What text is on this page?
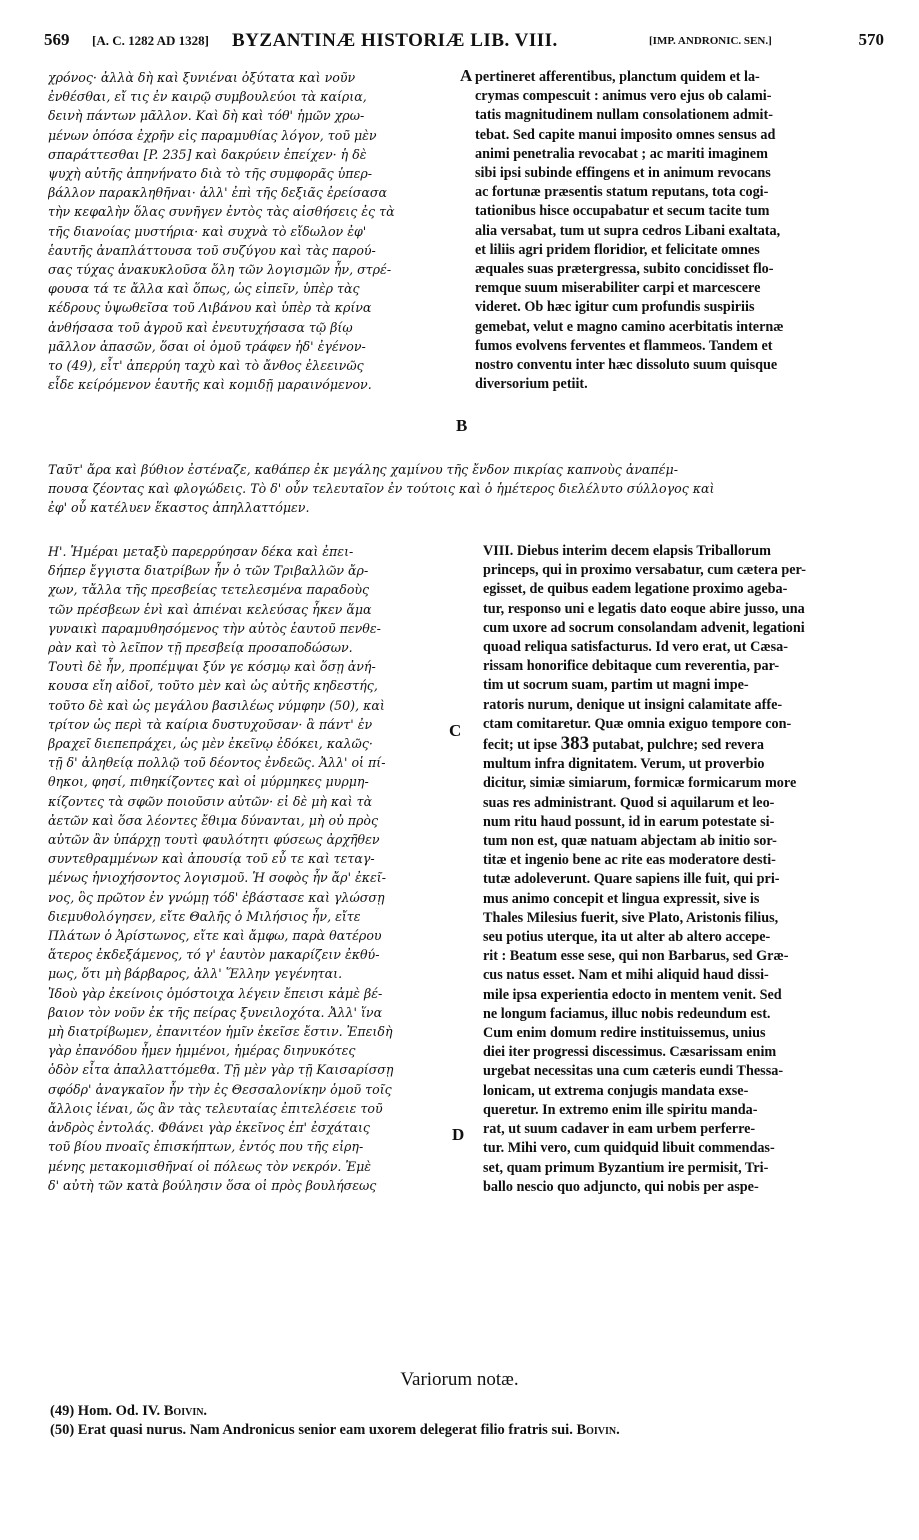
569 [A. C. 1282 AD 1328] BYZANTINÆ HISTORIÆ LIB. VIII.	[IMP. ANDRONIC. SEN.]	570
χρόνος· ἀλλὰ δὴ καὶ ξυνιέναι ὀξύτατα καὶ νοῦν
ἐνθέσθαι, εἴ τις ἐν καιρῷ συμβουλεύοι τὰ καίρια,
δεινὴ πάντων μᾶλλον. Καὶ δὴ καὶ τόθ' ἡμῶν χρω-
μένων ὁπόσα ἐχρῆν εἰς παραμυθίας λόγον, τοῦ μὲν
σπαράττεσθαι [P. 235] καὶ δακρύειν ἐπείχεν· ἡ δὲ
ψυχὴ αὐτῆς ἀπηνήνατο διὰ τὸ τῆς συμφορᾶς ὑπερ-
βάλλον παρακληθῆναι· ἀλλ' ἐπὶ τῆς δεξιᾶς ἐρείσασα
τὴν κεφαλὴν ὅλας συνῆγεν ἐντὸς τὰς αἰσθήσεις ἐς τὰ
τῆς διανοίας μυστήρια· καὶ συχνὰ τὸ εἴδωλον ἐφ'
ἑαυτῆς ἀναπλάττουσα τοῦ συζύγου καὶ τὰς παρού-
σας τύχας ἀνακυκλοῦσα ὅλη τῶν λογισμῶν ἦν, στρέ-
φουσα τά τε ἄλλα καὶ ὅπως, ὡς εἰπεῖν, ὑπὲρ τὰς
κέδρους ὑψωθεῖσα τοῦ Λιβάνου καὶ ὑπὲρ τὰ κρίνα
ἀνθήσασα τοῦ ἀγροῦ καὶ ἐνευτυχήσασα τῷ βίῳ
μᾶλλον ἁπασῶν, ὅσαι οἱ ὁμοῦ τράφεν ἠδ' ἐγένον-
το (49), εἶτ' ἀπερρύη ταχὺ καὶ τὸ ἄνθος ἐλεεινῶς
εἶδε κείρόμενον ἑαυτῆς καὶ κομιδῇ μαραινόμενον.
pertineret afferentibus, planctum quidem et la-
crymas compescuit : animus vero ejus ob calami-
tatis magnitudinem nullam consolationem admit-
tebat. Sed capite manui imposito omnes sensus ad
animi penetralia revocabat ; ac mariti imaginem
sibi ipsi subinde effingens et in animum revocans
ac fortunæ præsentis statum reputans, tota cogi-
tationibus hisce occupabatur et secum tacite tum
alia versabat, tum ut supra cedros Libani exaltata,
et liliis agri pridem floridior, et felicitate omnes
æquales suas prætergressa, subito concidisset flo-
remque suum miserabiliter carpi et marcescere
videret. Ob hæc igitur cum profundis suspiriis
gemebat, velut e magno camino acerbitatis internæ
fumos evolvens ferventes et flammeos. Tandem et
nostro conventu inter hæc dissoluto suum quisque
diversorium petiit.
A
B
Ταῦτ' ἄρα καὶ βύθιον ἐστέναζε, καθάπερ ἐκ μεγάλης χαμίνου τῆς ἔνδον πικρίας καπνοὺς ἀναπέμ-
πουσα ζέοντας καὶ φλογώδεις. Τὸ δ' οὖν τελευταῖον ἐν τούτοις καὶ ὁ ἡμέτερος διελέλυτο σύλλογος καὶ
ἐφ' οὗ κατέλυεν ἕκαστος ἀπηλλαττόμεν.
Η'. Ἡμέραι μεταξὺ παρερρύησαν δέκα καὶ ἐπει-
δήπερ ἔγγιστα διατρίβων ἦν ὁ τῶν Τριβαλλῶν ἄρ-
χων, τἄλλα τῆς πρεσβείας τετελεσμένα παραδοὺς
τῶν πρέσβεων ἑνὶ καὶ ἀπιέναι κελεύσας ἧκεν ἅμα
γυναικὶ παραμυθησόμενος τὴν αὐτὸς ἑαυτοῦ πενθε-
ρὰν καὶ τὸ λεῖπον τῇ πρεσβείᾳ προσαποδώσων.
Τουτὶ δὲ ἦν, προπέμψαι ξύν γε κόσμῳ καὶ ὅσῃ ἀνή-
κουσα εἴη αἰδοῖ, τοῦτο μὲν καὶ ὡς αὐτῆς κηδεστής,
τοῦτο δὲ καὶ ὡς μεγάλου βασιλέως νύμφην (50), καὶ
τρίτον ὡς περὶ τὰ καίρια δυστυχοῦσαν· ἃ πάντ' ἐν
βραχεῖ διεπεπράχει, ὡς μὲν ἐκεῖνῳ ἐδόκει, καλῶς·
τῇ δ' ἀληθείᾳ πολλῷ τοῦ δέοντος ἐνδεῶς. Ἀλλ' οἱ πί-
θηκοι, φησί, πιθηκίζοντες καὶ οἱ μύρμηκες μυρμη-
κίζοντες τὰ σφῶν ποιοῦσιν αὐτῶν· εἰ δὲ μὴ καὶ τὰ
ἀετῶν καὶ ὅσα λέοντες ἔθιμα δύνανται, μὴ οὐ πρὸς
αὐτῶν ἂν ὑπάρχῃ τουτὶ φαυλότητι φύσεως ἀρχῆθεν
συντεθραμμένων καὶ ἀπουσίᾳ τοῦ εὖ τε καὶ τεταγ-
μένως ἡνιοχήσοντος λογισμοῦ. Ἡ σοφὸς ἦν ἄρ' ἐκεῖ-
νος, ὃς πρῶτον ἐν γνώμῃ τόδ' ἐβάστασε καὶ γλώσσῃ
διεμυθολόγησεν, εἴτε Θαλῆς ὁ Μιλήσιος ἦν, εἴτε
Πλάτων ὁ Ἀρίστωνος, εἴτε καὶ ἄμφω, παρὰ θατέρου
ἅτερος ἐκδεξάμενος, τό γ' ἑαυτὸν μακαρίζειν ἐκθύ-
μως, ὅτι μὴ βάρβαρος, ἀλλ' Ἕλλην γεγένηται.
Ἰδοὺ γὰρ ἐκείνοις ὁμόστοιχα λέγειν ἔπεισι κἀμὲ βέ-
βαιον τὸν νοῦν ἐκ τῆς πείρας ξυνειλοχότα. Ἀλλ' ἵνα
μὴ διατρίβωμεν, ἐπανιτέον ἡμῖν ἐκεῖσε ἔστιν. Ἐπειδὴ
γὰρ ἐπανόδου ἦμεν ἡμμένοι, ἡμέρας διηνυκότες
ὁδὸν εἶτα ἀπαλλαττόμεθα. Τῇ μὲν γὰρ τῇ Καισαρίσσῃ
σφόδρ' ἀναγκαῖον ἦν τὴν ἐς Θεσσαλονίκην ὁμοῦ τοῖς
ἄλλοις ἰέναι, ὥς ἂν τὰς τελευταίας ἐπιτελέσειε τοῦ
ἀνδρὸς ἐντολάς. Φθάνει γὰρ ἐκεῖνος ἐπ' ἐσχάταις
τοῦ βίου πνοαῖς ἐπισκήπτων, ἐντός που τῆς εἰρη-
μένης μετακομισθῆναί οἱ πόλεως τὸν νεκρόν. Ἐμὲ
δ' αὐτὴ τῶν κατὰ βούλησιν ὅσα οἱ πρὸς βουλήσεως
VIII. Diebus interim decem elapsis Triballorum
princeps, qui in proximo versabatur, cum cætera per-
egisset, de quibus eadem legatione proximo ageba-
tur, responso uni e legatis dato eoque abire jusso, una
cum uxore ad socrum consolandam advenit, legationi
quoad reliqua satisfacturus. Id vero erat, ut Cæsa-
rissam honorifice debitaque cum reverentia, par-
tim ut socrum suam, partim ut magni impe-
ratoris nurum, denique ut insigni calamitate affe-
ctam comitaretur. Quæ omnia exiguo tempore con-
fecit; ut ipse 383 putabat, pulchre; sed revera
multum infra dignitatem. Verum, ut proverbio
dicitur, simiæ simiarum, formicæ formicarum more
suas res administrant. Quod si aquilarum et leo-
num ritu haud possunt, id in earum potestate si-
tum non est, quæ natuam abjectam ab initio sor-
titæ et ingenio bene ac rite eas moderatore desti-
tutæ adoleverunt. Quare sapiens ille fuit, qui pri-
mus animo concepit et lingua expressit, sive is
Thales Milesius fuerit, sive Plato, Aristonis filius,
seu potius uterque, ita ut alter ab altero accepe-
rit : Beatum esse sese, qui non Barbarus, sed Græ-
cus natus esset. Nam et mihi aliquid haud dissi-
mile ipsa experientia edocto in mentem venit. Sed
ne longum faciamus, illuc nobis redeundum est.
Cum enim domum redire instituissemus, unius
diei iter progressi discessimus. Cæsarissam enim
urgebat necessitas una cum cæteris eundi Thessa-
lonicam, ut extrema conjugis mandata exse-
queretur. In extremo enim ille spiritu manda-
rat, ut suum cadaver in eam urbem perferre-
tur. Mihi vero, cum quidquid libuit commendas-
set, quam primum Byzantium ire permisit, Tri-
ballo nescio quo adjuncto, qui nobis per aspe-
C
D
Variorum notæ.
(49) Hom. Od. IV. Boivin.
(50) Erat quasi nurus. Nam Andronicus senior eam uxorem delegerat filio fratris sui. Boivin.
